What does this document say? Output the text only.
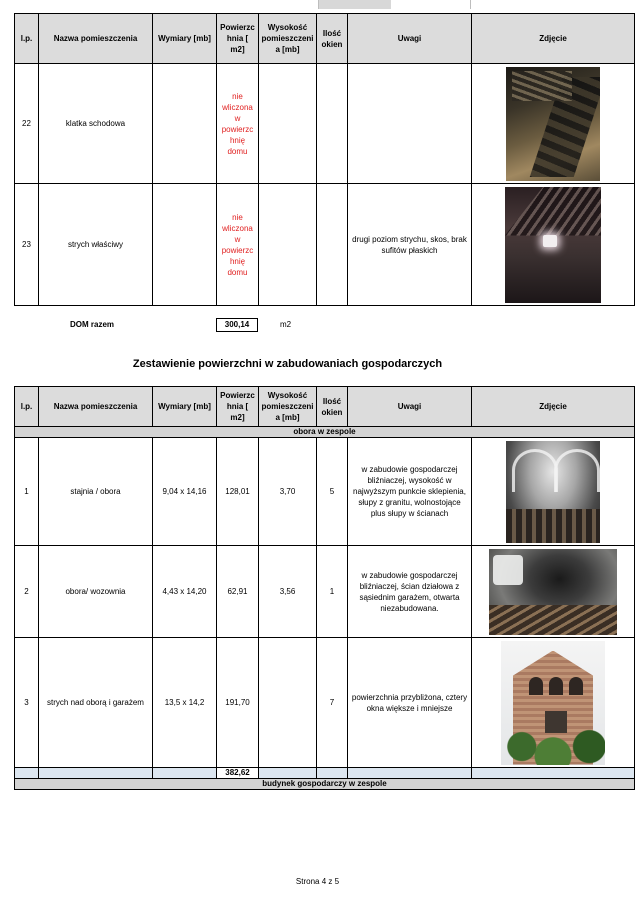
l.p.	Nazwa pomieszczenia	Wymiary [mb]	Powierzc hnia [ m2]	Wysokość pomieszczeni a [mb]	Ilość okien	Uwagi	Zdjęcie
22	klatka schodowa		nie wliczona w powierzc hnię domu				

23	strych właściwy		nie wliczona w powierzc hnię domu			drugi poziom strychu, skos, brak sufitów płaskich	
DOM razem	300,14	m2
Zestawienie powierzchni w zabudowaniach gospodarczych
l.p.	Nazwa pomieszczenia	Wymiary [mb]	Powierzc hnia [ m2]	Wysokość pomieszczeni a [mb]	Ilość okien	Uwagi	Zdjęcie
obora w zespole							
1	stajnia / obora	9,04 x 14,16	128,01	3,70	5	w zabudowie gospodarczej bliźniaczej, wysokość w najwyższym punkcie sklepienia, słupy z granitu, wolnostojące plus słupy w ścianach	

2	obora/ wozownia	4,43 x 14,20	62,91	3,56	1	w zabudowie gospodarczej bliźniaczej, ścian działowa z sąsiednim garażem, otwarta niezabudowana.	

3	strych nad oborą i garażem	13,5 x 14,2	191,70		7	powierzchnia przybliżona, cztery okna większe i mniejsze	

			382,62				
budynek gospodarczy w zespole							
Strona 4 z 5
